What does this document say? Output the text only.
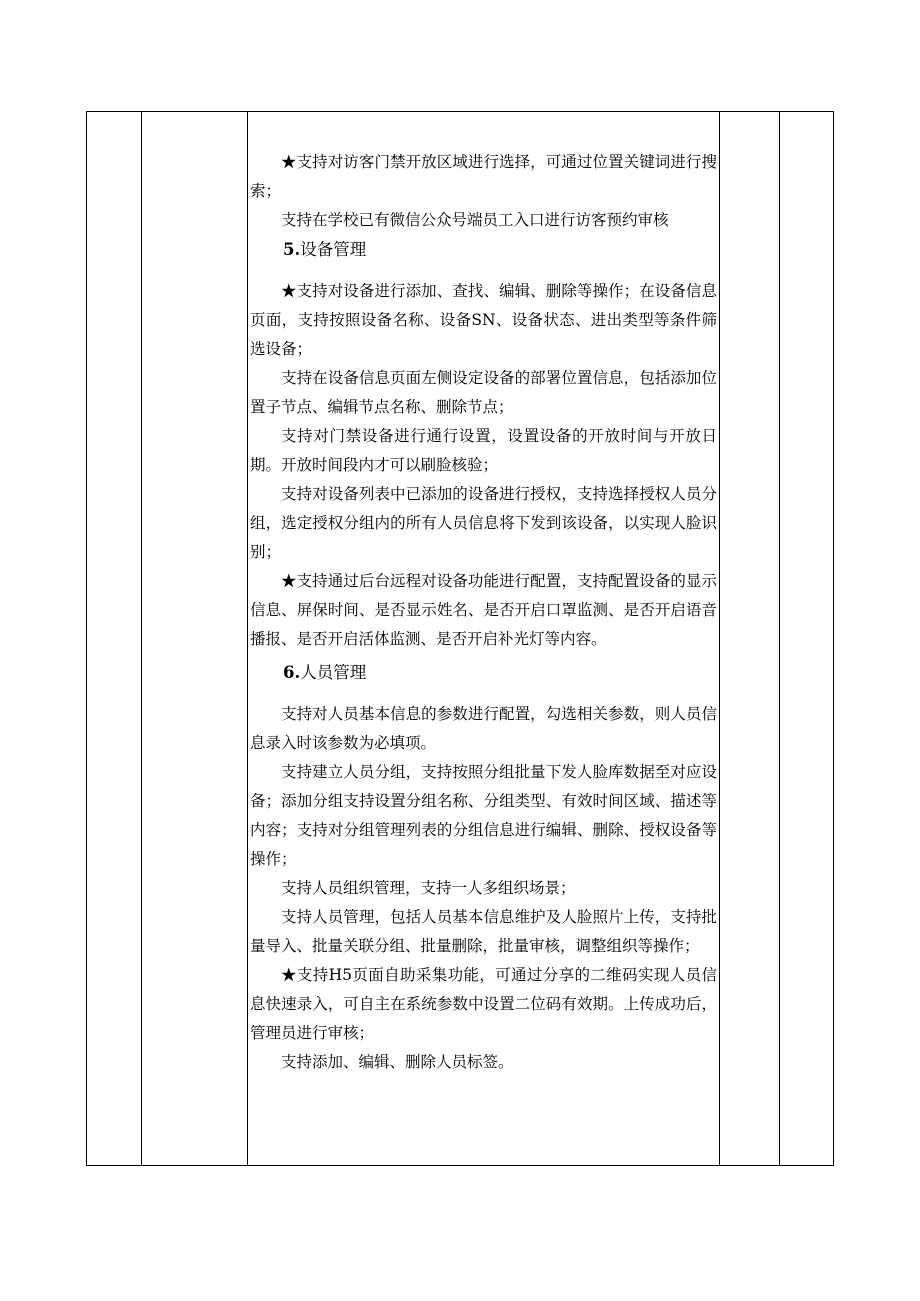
★支持对访客门禁开放区域进行选择，可通过位置关键词进行搜索；

支持在学校已有微信公众号端员工入口进行访客预约审核

5.设备管理

★支持对设备进行添加、查找、编辑、删除等操作；在设备信息页面，支持按照设备名称、设备SN、设备状态、进出类型等条件筛选设备；

支持在设备信息页面左侧设定设备的部署位置信息，包括添加位置子节点、编辑节点名称、删除节点；

支持对门禁设备进行通行设置，设置设备的开放时间与开放日期。开放时间段内才可以刷脸核验；

支持对设备列表中已添加的设备进行授权，支持选择授权人员分组，选定授权分组内的所有人员信息将下发到该设备，以实现人脸识别；

★支持通过后台远程对设备功能进行配置，支持配置设备的显示信息、屏保时间、是否显示姓名、是否开启口罩监测、是否开启语音播报、是否开启活体监测、是否开启补光灯等内容。

6.人员管理

支持对人员基本信息的参数进行配置，勾选相关参数，则人员信息录入时该参数为必填项。

支持建立人员分组，支持按照分组批量下发人脸库数据至对应设备；添加分组支持设置分组名称、分组类型、有效时间区域、描述等内容；支持对分组管理列表的分组信息进行编辑、删除、授权设备等操作；

支持人员组织管理，支持一人多组织场景；

支持人员管理，包括人员基本信息维护及人脸照片上传，支持批量导入、批量关联分组、批量删除，批量审核，调整组织等操作；

★支持H5页面自助采集功能，可通过分享的二维码实现人员信息快速录入，可自主在系统参数中设置二位码有效期。上传成功后，管理员进行审核；

支持添加、编辑、删除人员标签。
